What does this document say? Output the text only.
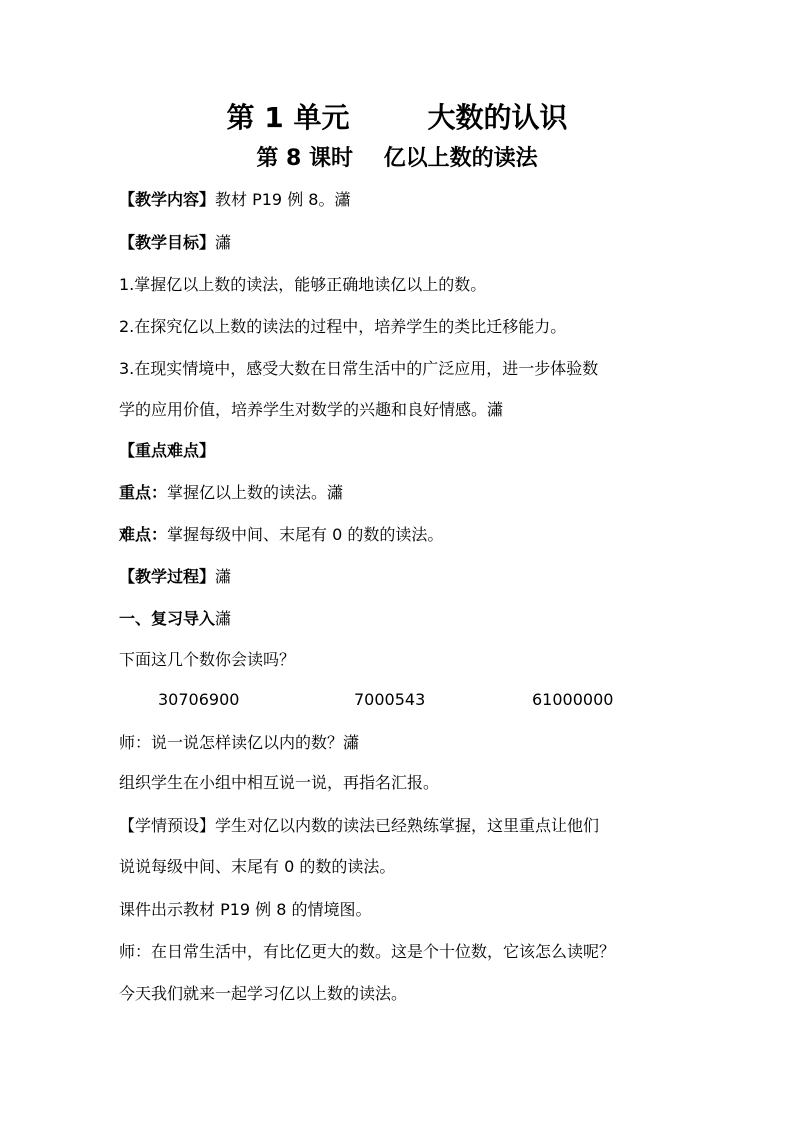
第 1 单元        大数的认识
第 8 课时    亿以上数的读法
【教学内容】教材 P19 例 8。瀟
【教学目标】瀟
1.掌握亿以上数的读法，能够正确地读亿以上的数。
2.在探究亿以上数的读法的过程中，培养学生的类比迁移能力。
3.在现实情境中，感受大数在日常生活中的广泛应用，进一步体验数
学的应用价值，培养学生对数学的兴趣和良好情感。瀟
【重点难点】
重点：掌握亿以上数的读法。瀟
难点：掌握每级中间、末尾有 0 的数的读法。
【教学过程】瀟
一、复习导入瀟
下面这几个数你会读吗？
30706900	7000543	61000000
师：说一说怎样读亿以内的数？瀟
组织学生在小组中相互说一说，再指名汇报。
【学情预设】学生对亿以内数的读法已经熟练掌握，这里重点让他们
说说每级中间、末尾有 0 的数的读法。
课件出示教材 P19 例 8 的情境图。
师：在日常生活中，有比亿更大的数。这是个十位数，它该怎么读呢？
今天我们就来一起学习亿以上数的读法。
